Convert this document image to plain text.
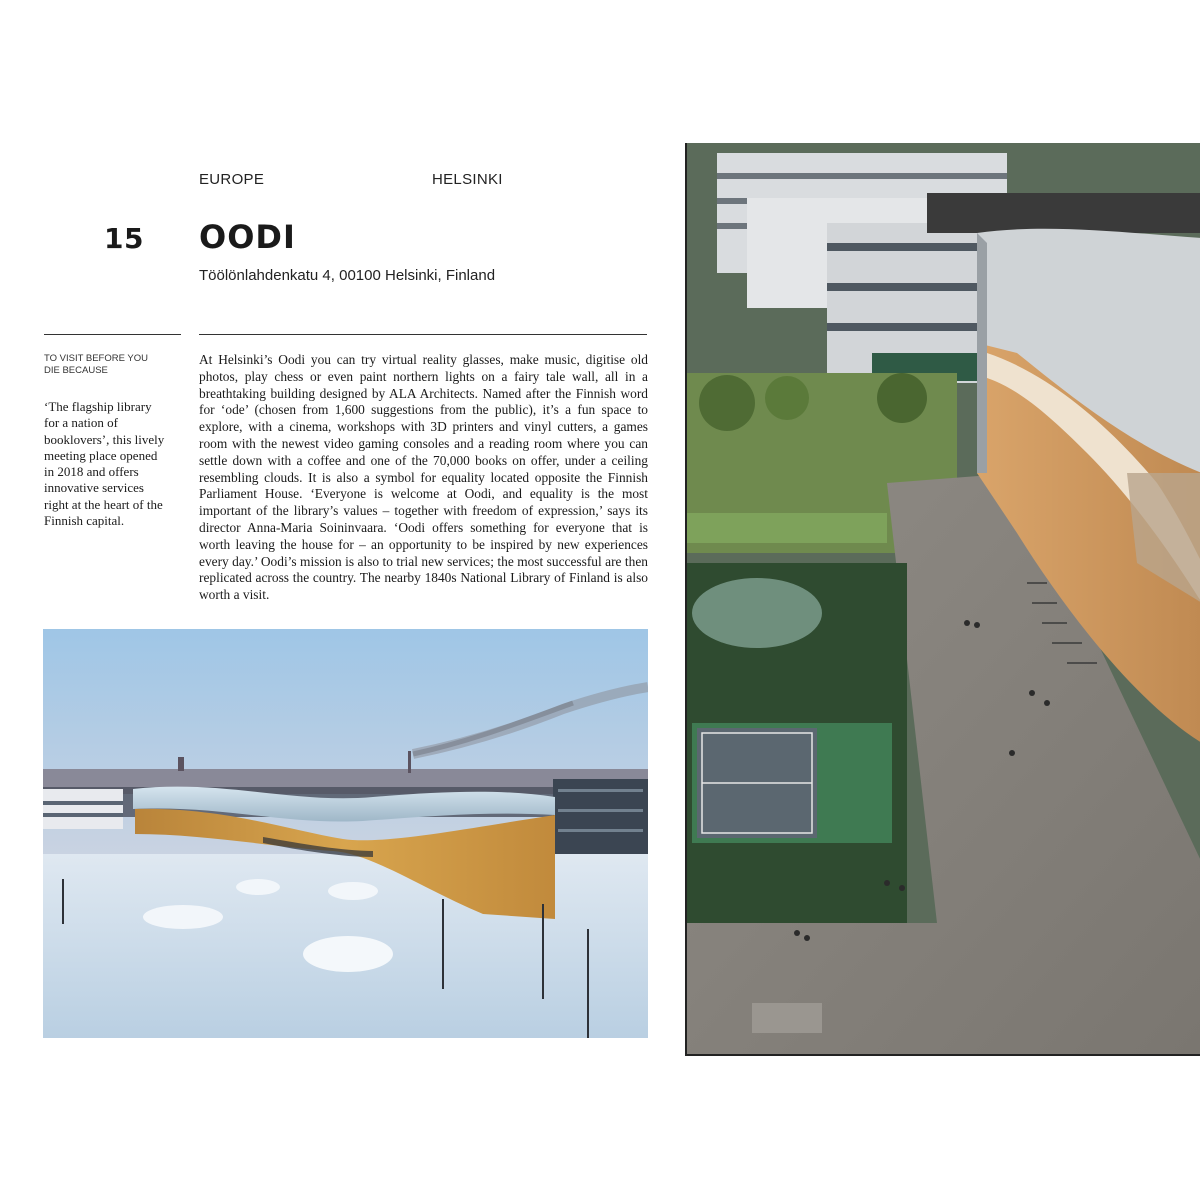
EUROPE	HELSINKI
15 OODI
Töölönlahdenkatu 4, 00100 Helsinki, Finland
TO VISIT BEFORE YOU DIE BECAUSE
‘The flagship library for a nation of booklovers’, this lively meeting place opened in 2018 and offers innovative services right at the heart of the Finnish capital.
At Helsinki’s Oodi you can try virtual reality glasses, make music, digitise old photos, play chess or even paint northern lights on a fairy tale wall, all in a breathtaking building designed by ALA Architects. Named after the Finnish word for ‘ode’ (chosen from 1,600 suggestions from the public), it’s a fun space to explore, with a cinema, workshops with 3D printers and vinyl cutters, a games room with the newest video gaming consoles and a reading room where you can settle down with a coffee and one of the 70,000 books on offer, under a ceiling resembling clouds. It is also a symbol for equality located opposite the Finnish Parliament House. ‘Everyone is welcome at Oodi, and equality is the most important of the library’s values – together with freedom of expression,’ says its director Anna-Maria Soininvaara. ‘Oodi offers something for everyone that is worth leaving the house for – an opportunity to be inspired by new experiences every day.’ Oodi’s mission is also to trial new services; the most successful are then replicated across the country. The nearby 1840s National Library of Finland is also worth a visit.
